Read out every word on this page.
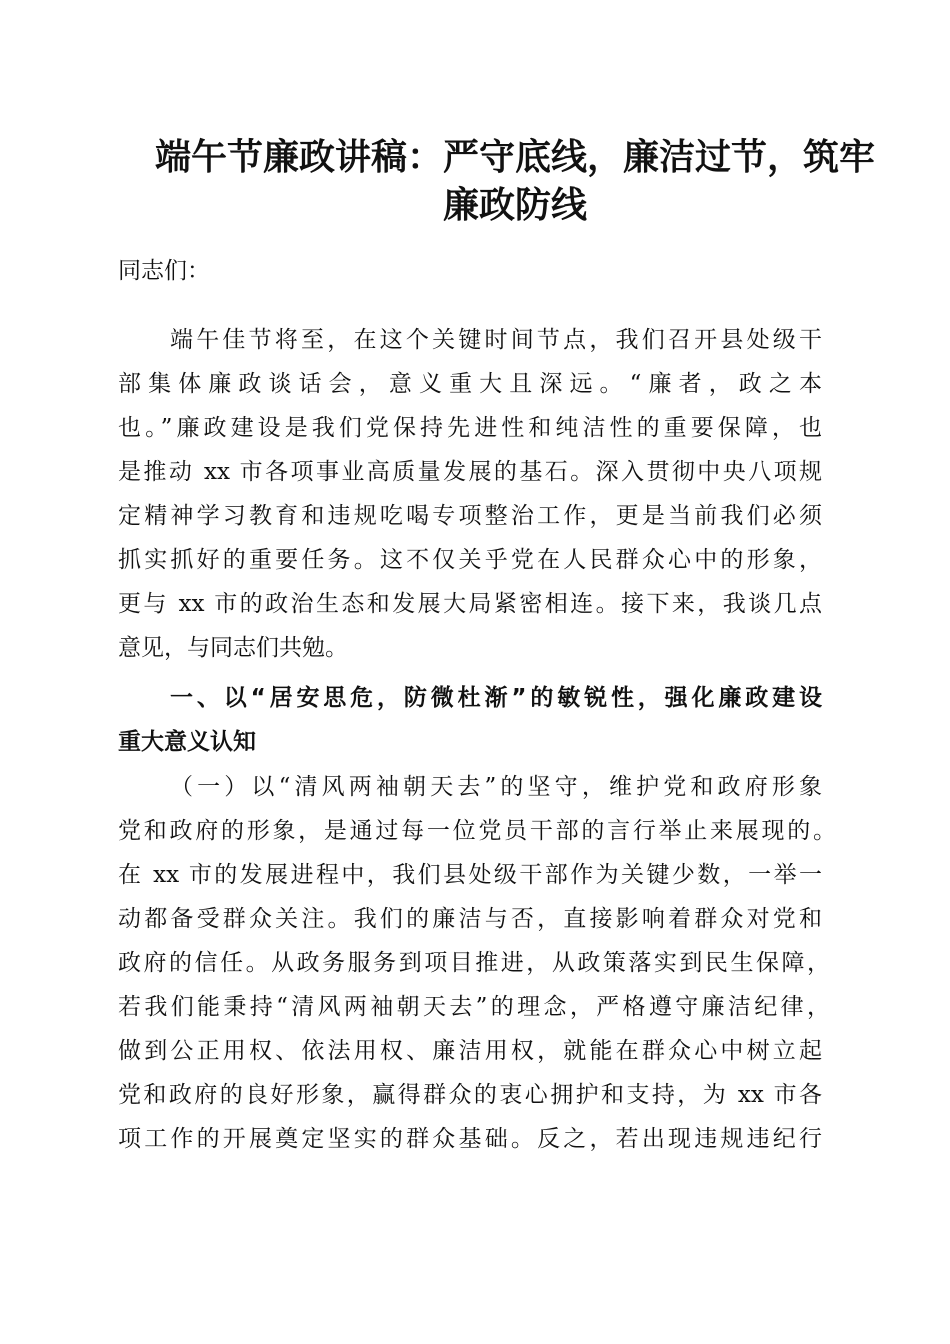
端午节廉政讲稿：严守底线，廉洁过节，筑牢
廉政防线
同志们：
端午佳节将至，在这个关键时间节点，我们召开县处级干
部集体廉政谈话会，意义重大且深远。“廉者，政之本
也。”廉政建设是我们党保持先进性和纯洁性的重要保障，也
是推动 xx 市各项事业高质量发展的基石。深入贯彻中央八项规
定精神学习教育和违规吃喝专项整治工作，更是当前我们必须
抓实抓好的重要任务。这不仅关乎党在人民群众心中的形象，
更与 xx 市的政治生态和发展大局紧密相连。接下来，我谈几点
意见，与同志们共勉。
一、以“居安思危，防微杜渐”的敏锐性，强化廉政建设
重大意义认知
（一）以“清风两袖朝天去”的坚守，维护党和政府形象
党和政府的形象，是通过每一位党员干部的言行举止来展现的。
在 xx 市的发展进程中，我们县处级干部作为关键少数，一举一
动都备受群众关注。我们的廉洁与否，直接影响着群众对党和
政府的信任。从政务服务到项目推进，从政策落实到民生保障，
若我们能秉持“清风两袖朝天去”的理念，严格遵守廉洁纪律，
做到公正用权、依法用权、廉洁用权，就能在群众心中树立起
党和政府的良好形象，赢得群众的衷心拥护和支持，为 xx 市各
项工作的开展奠定坚实的群众基础。反之，若出现违规违纪行
